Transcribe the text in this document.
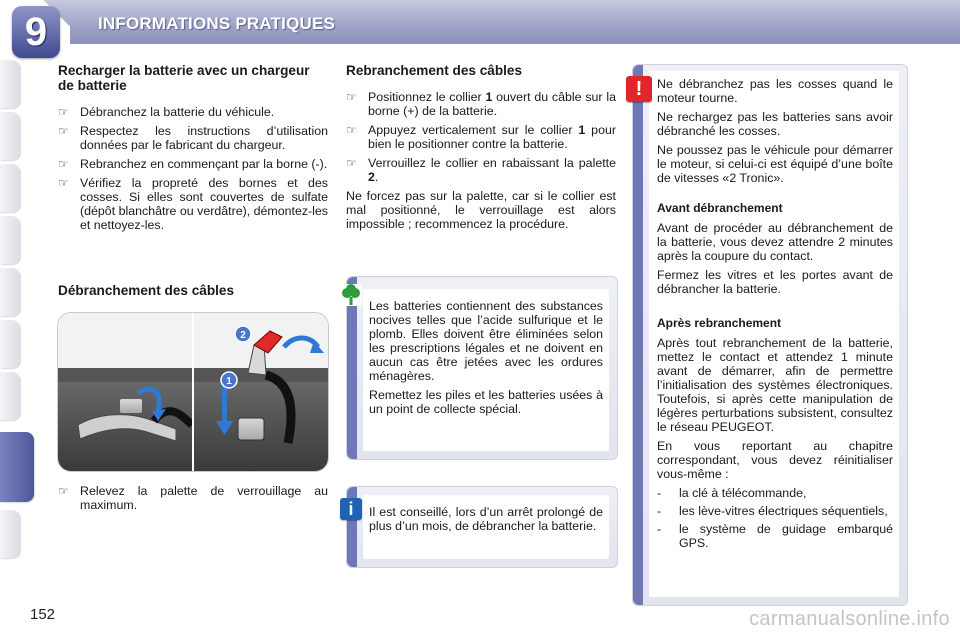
9	INFORMATIONS PRATIQUES
Recharger la batterie avec un chargeur de batterie
☞ Débranchez la batterie du véhicule.
☞ Respectez les instructions d’utilisation données par le fabricant du chargeur.
☞ Rebranchez en commençant par la borne (-).
☞ Vérifiez la propreté des bornes et des cosses. Si elles sont couvertes de sulfate (dépôt blanchâtre ou verdâtre), démontez-les et nettoyez-les.
Débranchement des câbles
2
1
☞ Relevez la palette de verrouillage au maximum.
Rebranchement des câbles
☞ Positionnez le collier 1 ouvert du câble sur la borne (+) de la batterie.
☞ Appuyez verticalement sur le collier 1 pour bien le positionner contre la batterie.
☞ Verrouillez le collier en rabaissant la palette 2.

Ne forcez pas sur la palette, car si le collier est mal positionné, le verrouillage est alors impossible ; recommencez la procédure.

Les batteries contiennent des substances nocives telles que l’acide sulfurique et le plomb. Elles doivent être éliminées selon les prescriptions légales et ne doivent en aucun cas être jetées avec les ordures ménagères.

Remettez les piles et les batteries usées à un point de collecte spécial.

Il est conseillé, lors d’un arrêt prolongé de plus d’un mois, de débrancher la batterie.
i

Ne débranchez pas les cosses quand le moteur tourne.

Ne rechargez pas les batteries sans avoir débranché les cosses.

Ne poussez pas le véhicule pour démarrer le moteur, si celui-ci est équipé d’une boîte de vitesses «2 Tronic».

Avant débranchement

Avant de procéder au débranchement de la batterie, vous devez attendre 2 minutes après la coupure du contact.

Fermez les vitres et les portes avant de débrancher la batterie.

Après rebranchement

Après tout rebranchement de la batterie, mettez le contact et attendez 1 minute avant de démarrer, afin de permettre l’initialisation des systèmes électroniques. Toutefois, si après cette manipulation de légères perturbations subsistent, consultez le réseau PEUGEOT.

En vous reportant au chapitre correspondant, vous devez réinitialiser vous-même :

- la clé à télécommande,
- les lève-vitres électriques séquentiels,
- le système de guidage embarqué GPS.
!
152	carmanualsonline.info
